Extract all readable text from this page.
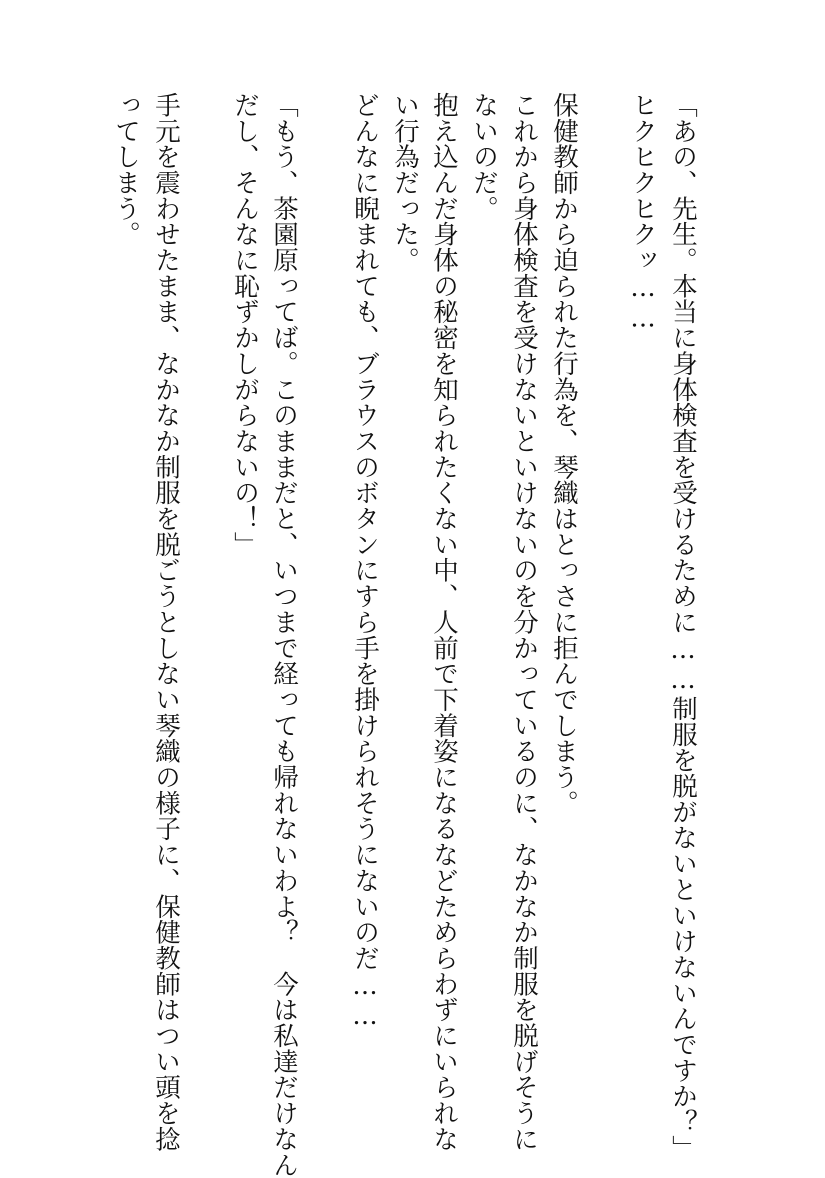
「あの、先生。本当に身体検査を受けるために……制服を脱がないといけないんですか？」
ヒクヒクヒクッ……
保健教師から迫られた行為を、琴織はとっさに拒んでしまう。
これから身体検査を受けないといけないのを分かっているのに、なかなか制服を脱げそうに
ないのだ。
抱え込んだ身体の秘密を知られたくない中、人前で下着姿になるなどためらわずにいられな
い行為だった。
どんなに睨まれても、ブラウスのボタンにすら手を掛けられそうにないのだ……
「もう、茶園原ってば。このままだと、いつまで経っても帰れないわよ？　今は私達だけなん
だし、そんなに恥ずかしがらないの！」
手元を震わせたまま、なかなか制服を脱ごうとしない琴織の様子に、保健教師はつい頭を捻
ってしまう。
